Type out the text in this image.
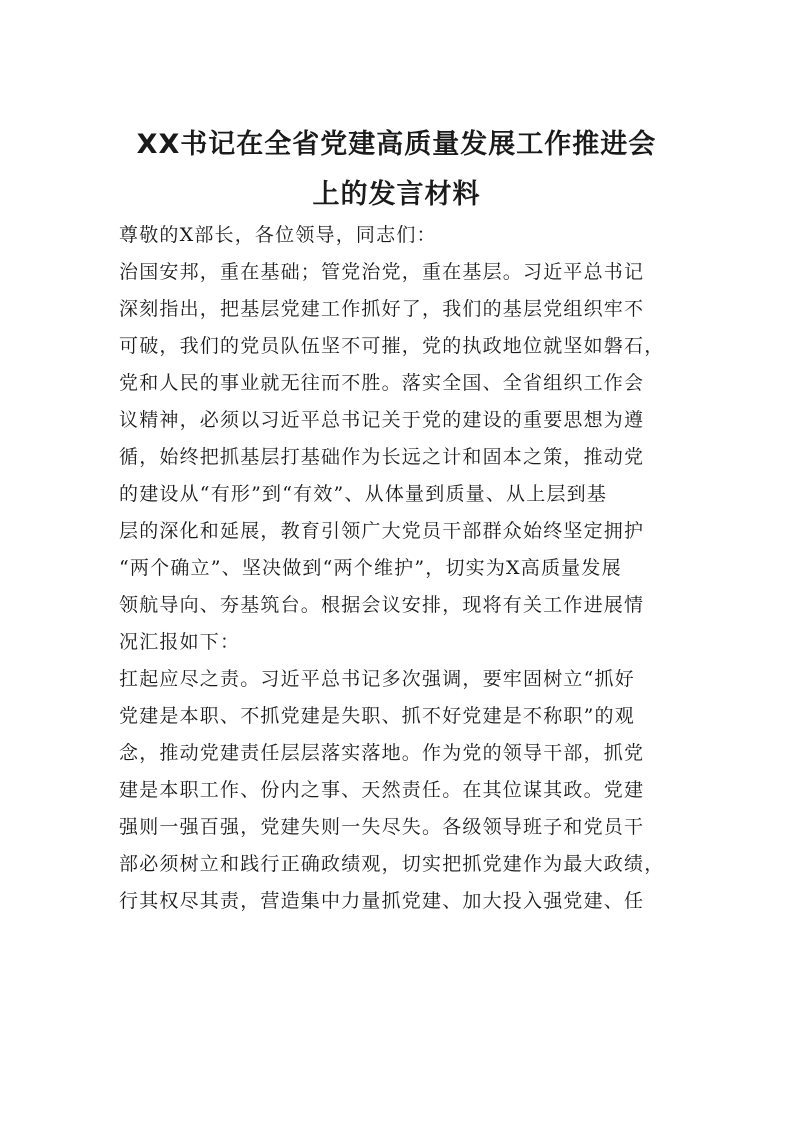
XX书记在全省党建高质量发展工作推进会
上的发言材料

尊敬的X部长，各位领导，同志们：

治国安邦，重在基础；管党治党，重在基层。习近平总书记

深刻指出，把基层党建工作抓好了，我们的基层党组织牢不

可破，我们的党员队伍坚不可摧，党的执政地位就坚如磐石，

党和人民的事业就无往而不胜。落实全国、全省组织工作会

议精神，必须以习近平总书记关于党的建设的重要思想为遵

循，始终把抓基层打基础作为长远之计和固本之策，推动党

的建设从“有形”到“有效”、从体量到质量、从上层到基

层的深化和延展，教育引领广大党员干部群众始终坚定拥护

“两个确立”、坚决做到“两个维护”，切实为X高质量发展

领航导向、夯基筑台。根据会议安排，现将有关工作进展情

况汇报如下：

扛起应尽之责。习近平总书记多次强调，要牢固树立“抓好

党建是本职、不抓党建是失职、抓不好党建是不称职”的观

念，推动党建责任层层落实落地。作为党的领导干部，抓党

建是本职工作、份内之事、天然责任。在其位谋其政。党建

强则一强百强，党建失则一失尽失。各级领导班子和党员干

部必须树立和践行正确政绩观，切实把抓党建作为最大政绩，

行其权尽其责，营造集中力量抓党建、加大投入强党建、任
